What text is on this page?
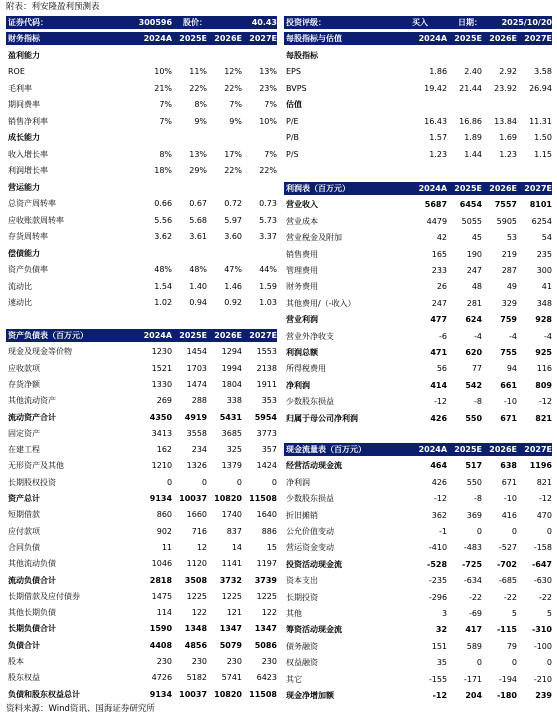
附表：利安隆盈利预测表
证券代码：	300596	股价：	40.43
财务指标	2024A 2025E 2026E 2027E
盈利能力
ROE	10%	11%	12%	13%
毛利率	21%	22%	22%	23%
期间费率	7%	8%	7%	7%
销售净利率	7%	9%	9%	10%
成长能力
收入增长率	8%	13%	17%	7%
利润增长率	18%	29%	22%	22%
营运能力
总资产周转率	0.66	0.67	0.72	0.73
应收账款周转率	5.56	5.68	5.97	5.73
存货周转率	3.62	3.61	3.60	3.37
偿债能力
资产负债率	48%	48%	47%	44%
流动比	1.54	1.40	1.46	1.59
速动比	1.02	0.94	0.92	1.03
资产负债表（百万元）	2024A 2025E 2026E 2027E
现金及现金等价物	1230	1454	1294	1553
应收款项	1521	1703	1994	2138
存货净额	1330	1474	1804	1911
其他流动资产	269	288	338	353
流动资产合计	4350	4919	5431	5954
固定资产	3413	3558	3685	3773
在建工程	162	234	325	357
无形资产及其他	1210	1326	1379	1424
长期股权投资	0	0	0	0
资产总计	9134 10037 10820 11508
短期借款	860	1660	1740	1640
应付款项	902	716	837	886
合同负债	11	12	14	15
其他流动负债	1046	1120	1141	1197
流动负债合计	2818	3508	3732	3739
长期借款及应付债券	1475	1225	1225	1225
其他长期负债	114	122	121	122
长期负债合计	1590	1348	1347	1347
负债合计	4408	4856	5079	5086
股本	230	230	230	230
股东权益	4726	5182	5741	6423
负债和股东权益总计	9134 10037 10820 11508
投资评级：	买入	日期：	2025/10/20
每股指标与估值	2024A 2025E 2026E 2027E
每股指标
EPS	1.86	2.40	2.92	3.58
BVPS	19.42	21.44	23.92	26.94
估值
P/E	16.43	16.86	13.84	11.31
P/B	1.57	1.89	1.69	1.50
P/S	1.23	1.44	1.23	1.15
利润表（百万元）	2024A 2025E 2026E 2027E
营业收入	5687	6454	7557	8101
营业成本	4479	5055	5905	6254
营业税金及附加	42	45	53	54
销售费用	165	190	219	235
管理费用	233	247	287	300
财务费用	26	48	49	41
其他费用/（-收入）	247	281	329	348
营业利润	477	624	759	928
营业外净收支	-6	-4	-4	-4
利润总额	471	620	755	925
所得税费用	56	77	94	116
净利润	414	542	661	809
少数股东损益	-12	-8	-10	-12
归属于母公司净利润	426	550	671	821
现金流量表（百万元）	2024A 2025E 2026E 2027E
经营活动现金流	464	517	638	1196
净利润	426	550	671	821
少数股东损益	-12	-8	-10	-12
折旧摊销	362	369	416	470
公允价值变动	-1	0	0	0
营运资金变动	-410	-483	-527	-158
投资活动现金流	-528	-725	-702	-647
资本支出	-235	-634	-685	-630
长期投资	-296	-22	-22	-22
其他	3	-69	5	5
筹资活动现金流	32	417	-115	-310
债务融资	151	589	79	-100
权益融资	35	0	0	0
其它	-155	-171	-194	-210
现金净增加额	-12	204	-180	239
资料来源：Wind资讯、国海证券研究所
